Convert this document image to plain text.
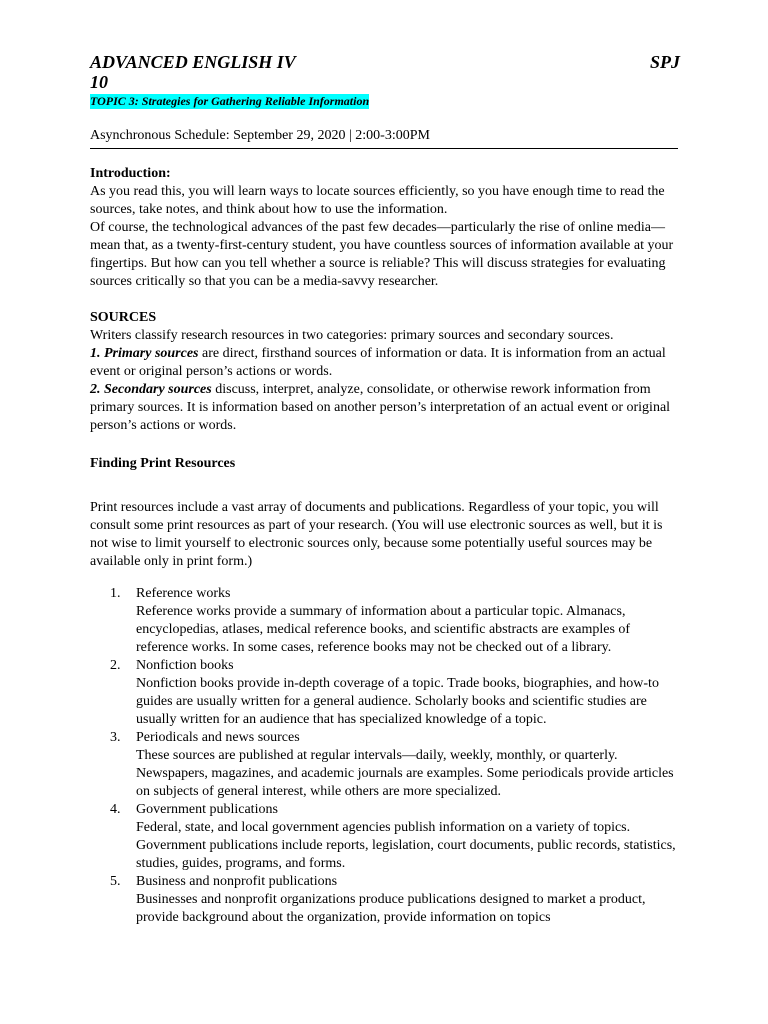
ADVANCED ENGLISH IV	SPJ
10
TOPIC 3: Strategies for Gathering Reliable Information
Asynchronous Schedule: September 29, 2020 | 2:00-3:00PM
Introduction:

As you read this, you will learn ways to locate sources efficiently, so you have enough time to read the sources, take notes, and think about how to use the information.

Of course, the technological advances of the past few decades—particularly the rise of online media—mean that, as a twenty-first-century student, you have countless sources of information available at your fingertips. But how can you tell whether a source is reliable? This will discuss strategies for evaluating sources critically so that you can be a media-savvy researcher.

SOURCES

Writers classify research resources in two categories: primary sources and secondary sources.

1. Primary sources are direct, firsthand sources of information or data. It is information from an actual event or original person’s actions or words.

2. Secondary sources discuss, interpret, analyze, consolidate, or otherwise rework information from primary sources. It is information based on another person’s interpretation of an actual event or original person’s actions or words.

Finding Print Resources

Print resources include a vast array of documents and publications. Regardless of your topic, you will consult some print resources as part of your research. (You will use electronic sources as well, but it is not wise to limit yourself to electronic sources only, because some potentially useful sources may be available only in print form.)

1. Reference works
Reference works provide a summary of information about a particular topic. Almanacs, encyclopedias, atlases, medical reference books, and scientific abstracts are examples of reference works. In some cases, reference books may not be checked out of a library.
2. Nonfiction books
Nonfiction books provide in-depth coverage of a topic. Trade books, biographies, and how-to guides are usually written for a general audience. Scholarly books and scientific studies are usually written for an audience that has specialized knowledge of a topic.
3. Periodicals and news sources
These sources are published at regular intervals—daily, weekly, monthly, or quarterly. Newspapers, magazines, and academic journals are examples. Some periodicals provide articles on subjects of general interest, while others are more specialized.
4. Government publications
Federal, state, and local government agencies publish information on a variety of topics. Government publications include reports, legislation, court documents, public records, statistics, studies, guides, programs, and forms.
5. Business and nonprofit publications
Businesses and nonprofit organizations produce publications designed to market a product, provide background about the organization, provide information on topics
